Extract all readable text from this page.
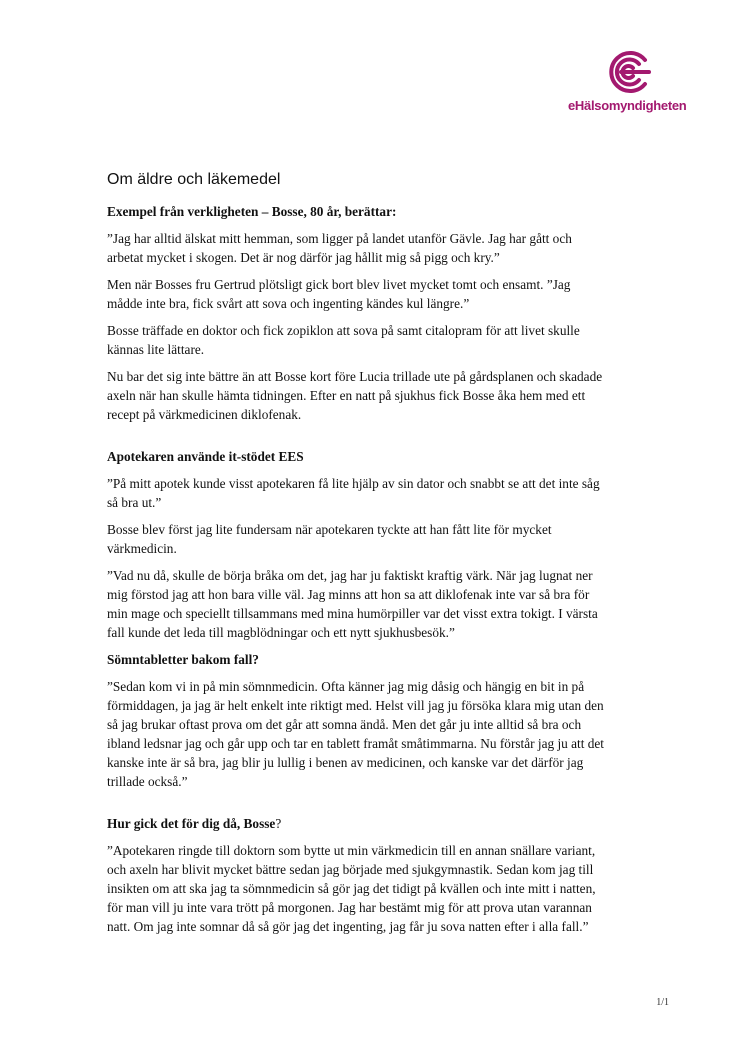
eHälsomyndigheten
Om äldre och läkemedel
Exempel från verkligheten – Bosse, 80 år, berättar:

”Jag har alltid älskat mitt hemman, som ligger på landet utanför Gävle. Jag har gått och arbetat mycket i skogen. Det är nog därför jag hållit mig så pigg och kry.”

Men när Bosses fru Gertrud plötsligt gick bort blev livet mycket tomt och ensamt. ”Jag mådde inte bra, fick svårt att sova och ingenting kändes kul längre.”

Bosse träffade en doktor och fick zopiklon att sova på samt citalopram för att livet skulle kännas lite lättare.

Nu bar det sig inte bättre än att Bosse kort före Lucia trillade ute på gårdsplanen och skadade axeln när han skulle hämta tidningen. Efter en natt på sjukhus fick Bosse åka hem med ett recept på värkmedicinen diklofenak.

Apotekaren använde it-stödet EES

”På mitt apotek kunde visst apotekaren få lite hjälp av sin dator och snabbt se att det inte såg så bra ut.”

Bosse blev först jag lite fundersam när apotekaren tyckte att han fått lite för mycket värkmedicin.

”Vad nu då, skulle de börja bråka om det, jag har ju faktiskt kraftig värk. När jag lugnat ner mig förstod jag att hon bara ville väl. Jag minns att hon sa att diklofenak inte var så bra för min mage och speciellt tillsammans med mina humörpiller var det visst extra tokigt. I värsta fall kunde det leda till magblödningar och ett nytt sjukhusbesök.”

Sömntabletter bakom fall?

”Sedan kom vi in på min sömnmedicin. Ofta känner jag mig dåsig och hängig en bit in på förmiddagen, ja jag är helt enkelt inte riktigt med. Helst vill jag ju försöka klara mig utan den så jag brukar oftast prova om det går att somna ändå. Men det går ju inte alltid så bra och ibland ledsnar jag och går upp och tar en tablett framåt småtimmarna. Nu förstår jag ju att det kanske inte är så bra, jag blir ju lullig i benen av medicinen, och kanske var det därför jag trillade också.”

Hur gick det för dig då, Bosse?

”Apotekaren ringde till doktorn som bytte ut min värkmedicin till en annan snällare variant, och axeln har blivit mycket bättre sedan jag började med sjukgymnastik. Sedan kom jag till insikten om att ska jag ta sömnmedicin så gör jag det tidigt på kvällen och inte mitt i natten, för man vill ju inte vara trött på morgonen. Jag har bestämt mig för att prova utan varannan natt. Om jag inte somnar då så gör jag det ingenting, jag får ju sova natten efter i alla fall.”

1/1
